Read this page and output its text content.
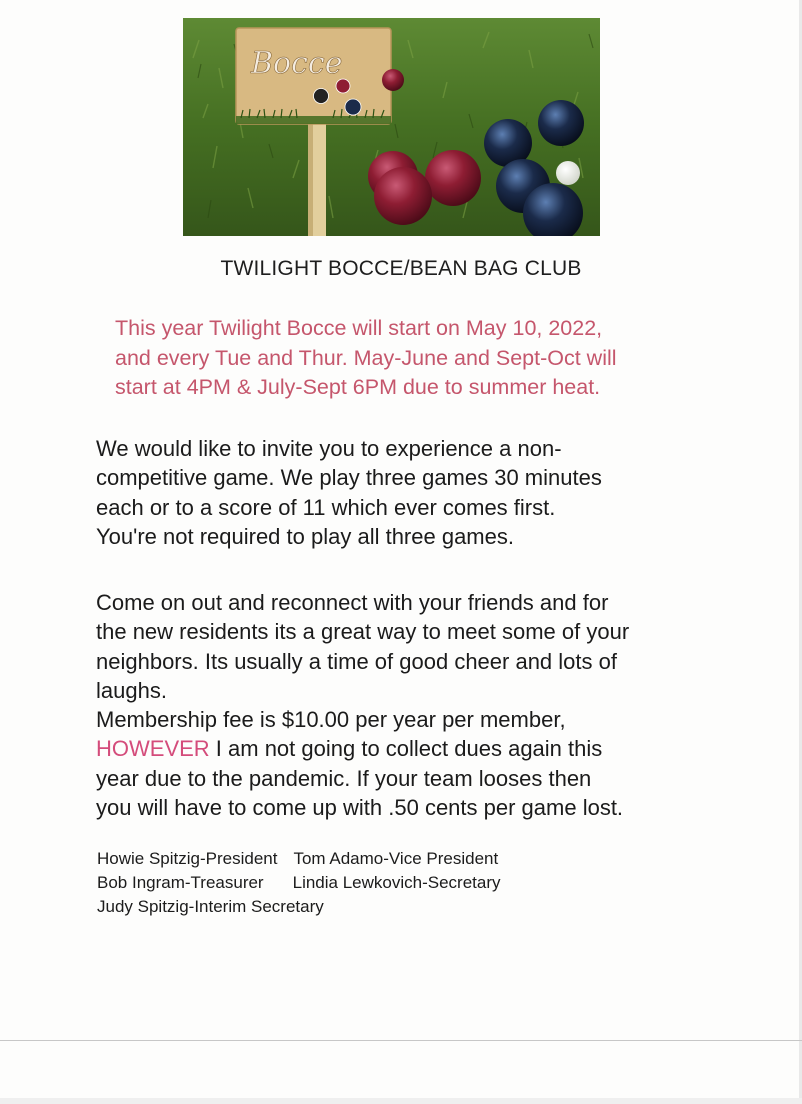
Bocce
TWILIGHT BOCCE/BEAN BAG CLUB
This year Twilight Bocce will start on May 10, 2022,
and every Tue and Thur. May-June and Sept-Oct will
start at 4PM & July-Sept 6PM due to summer heat.
We would like to invite you to experience a non-
competitive game. We play three games 30 minutes
each or to a score of 11 which ever comes first.
You're not required to play all three games.
Come on out and reconnect with your friends and for
the new residents its a great way to meet some of your
neighbors. Its usually a time of good cheer and lots of
laughs.
Membership fee is $10.00 per year per member,
HOWEVER I am not going to collect dues again this
year due to the pandemic. If your team looses then
you will have to come up with .50 cents per game lost.
Howie Spitzig-President Tom Adamo-Vice President
Bob Ingram-Treasurer Lindia Lewkovich-Secretary
Judy Spitzig-Interim Secretary
